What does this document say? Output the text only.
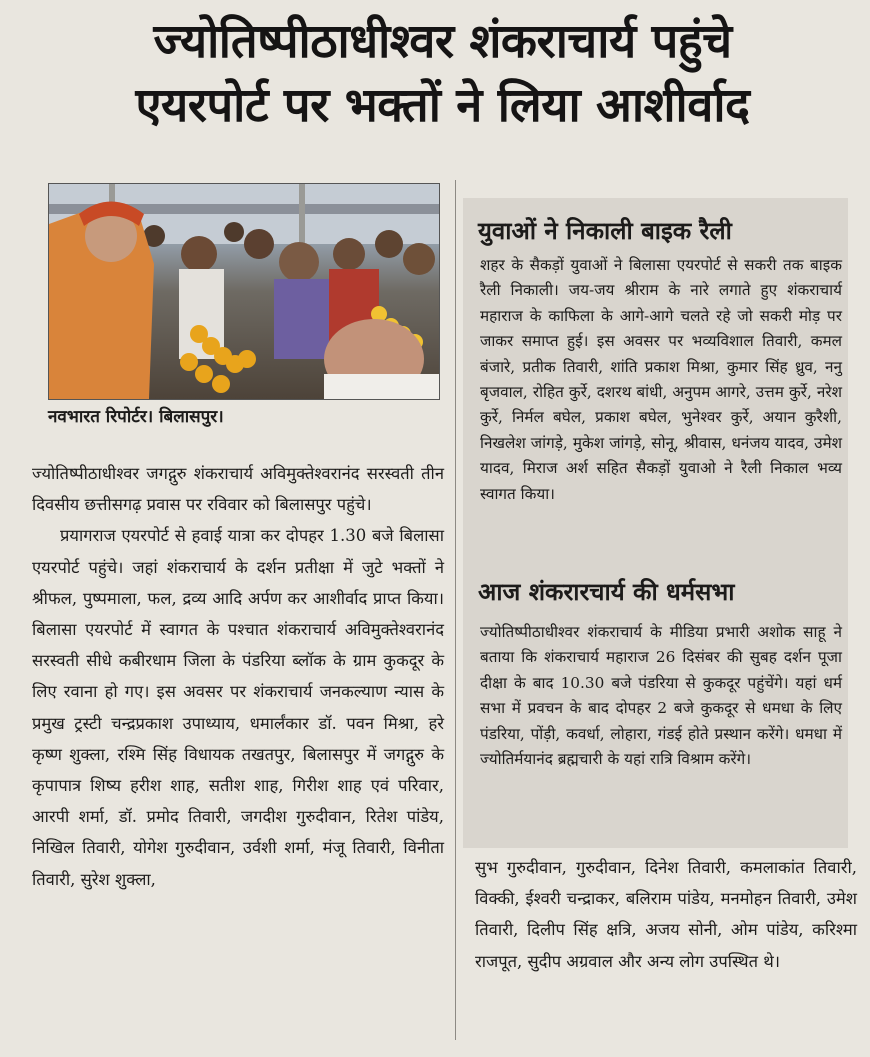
ज्योतिष्पीठाधीश्वर शंकराचार्य पहुंचे
एयरपोर्ट पर भक्तों ने लिया आशीर्वाद
नवभारत रिपोर्टर। बिलासपुर।

ज्योतिष्पीठाधीश्वर जगद्गुरु शंकराचार्य अविमुक्तेश्वरानंद सरस्वती तीन दिवसीय छत्तीसगढ़ प्रवास पर रविवार को बिलासपुर पहुंचे।

प्रयागराज एयरपोर्ट से हवाई यात्रा कर दोपहर 1.30 बजे बिलासा एयरपोर्ट पहुंचे। जहां शंकराचार्य के दर्शन प्रतीक्षा में जुटे भक्तों ने श्रीफल, पुष्पमाला, फल, द्रव्य आदि अर्पण कर आशीर्वाद प्राप्त किया। बिलासा एयरपोर्ट में स्वागत के पश्चात शंकराचार्य अविमुक्तेश्वरानंद सरस्वती सीधे कबीरधाम जिला के पंडरिया ब्लॉक के ग्राम कुकदूर के लिए रवाना हो गए। इस अवसर पर शंकराचार्य जनकल्याण न्यास के प्रमुख ट्रस्टी चन्द्रप्रकाश उपाध्याय, धमार्लंकार डॉ. पवन मिश्रा, हरे कृष्ण शुक्ला, रश्मि सिंह विधायक तखतपुर, बिलासपुर में जगद्गुरु के कृपापात्र शिष्य हरीश शाह, सतीश शाह, गिरीश शाह एवं परिवार, आरपी शर्मा, डॉ. प्रमोद तिवारी, जगदीश गुरुदीवान, रितेश पांडेय, निखिल तिवारी, योगेश गुरुदीवान, उर्वशी शर्मा, मंजू तिवारी, विनीता तिवारी, सुरेश शुक्ला,

युवाओं ने निकाली बाइक रैली

शहर के सैकड़ों युवाओं ने बिलासा एयरपोर्ट से सकरी तक बाइक रैली निकाली। जय-जय श्रीराम के नारे लगाते हुए शंकराचार्य महाराज के काफिला के आगे-आगे चलते रहे जो सकरी मोड़ पर जाकर समाप्त हुई। इस अवसर पर भव्यविशाल तिवारी, कमल बंजारे, प्रतीक तिवारी, शांति प्रकाश मिश्रा, कुमार सिंह ध्रुव, ननु बृजवाल, रोहित कुर्रे, दशरथ बांधी, अनुपम आगरे, उत्तम कुर्रे, नरेश कुर्रे, निर्मल बघेल, प्रकाश बघेल, भुनेश्वर कुर्रे, अयान कुरैशी, निखलेश जांगड़े, मुकेश जांगड़े, सोनू, श्रीवास, धनंजय यादव, उमेश यादव, मिराज अर्श सहित सैकड़ों युवाओ ने रैली निकाल भव्य स्वागत किया।

आज शंकरारचार्य की धर्मसभा

ज्योतिष्पीठाधीश्वर शंकराचार्य के मीडिया प्रभारी अशोक साहू ने बताया कि शंकराचार्य महाराज 26 दिसंबर की सुबह दर्शन पूजा दीक्षा के बाद 10.30 बजे पंडरिया से कुकदूर पहुंचेंगे। यहां धर्म सभा में प्रवचन के बाद दोपहर 2 बजे कुकदूर से धमधा के लिए पंडरिया, पोंड़ी, कवर्धा, लोहारा, गंडई होते प्रस्थान करेंगे। धमधा में ज्योतिर्मयानंद ब्रह्मचारी के यहां रात्रि विश्राम करेंगे।

सुभ गुरुदीवान, गुरुदीवान, दिनेश तिवारी, कमलाकांत तिवारी, विक्की, ईश्वरी चन्द्राकर, बलिराम पांडेय, मनमोहन तिवारी, उमेश तिवारी, दिलीप सिंह क्षत्रि, अजय सोनी, ओम पांडेय, करिश्मा राजपूत, सुदीप अग्रवाल और अन्य लोग उपस्थित थे।
